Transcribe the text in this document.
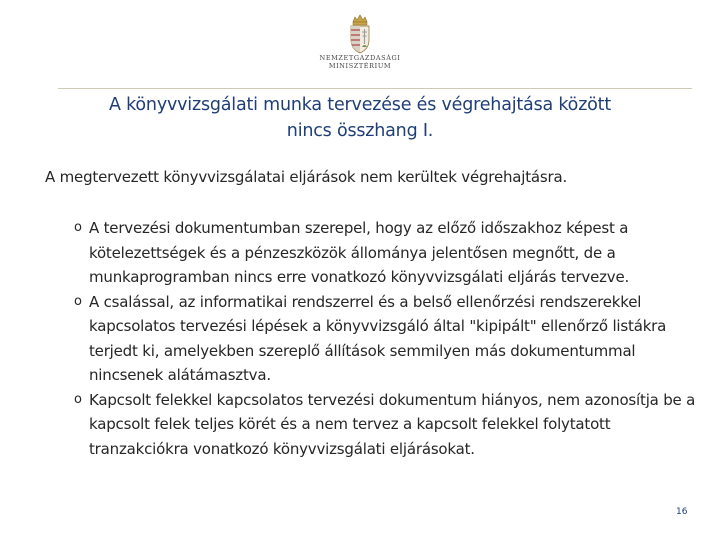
NEMZETGAZDASÁGI
MINISZTÉRIUM
A könyvvizsgálati munka tervezése és végrehajtása között
nincs összhang I.
A megtervezett könyvvizsgálatai eljárások nem kerültek végrehajtásra.
o A tervezési dokumentumban szerepel, hogy az előző időszakhoz képest a kötelezettségek és a pénzeszközök állománya jelentősen megnőtt, de a munkaprogramban nincs erre vonatkozó könyvvizsgálati eljárás tervezve.
o A csalással, az informatikai rendszerrel és a belső ellenőrzési rendszerekkel kapcsolatos tervezési lépések a könyvvizsgáló által "kipipált" ellenőrző listákra terjedt ki, amelyekben szereplő állítások semmilyen más dokumentummal nincsenek alátámasztva.
o Kapcsolt felekkel kapcsolatos tervezési dokumentum hiányos, nem azonosítja be a kapcsolt felek teljes körét és a nem tervez a kapcsolt felekkel folytatott tranzakciókra vonatkozó könyvvizsgálati eljárásokat.
16
